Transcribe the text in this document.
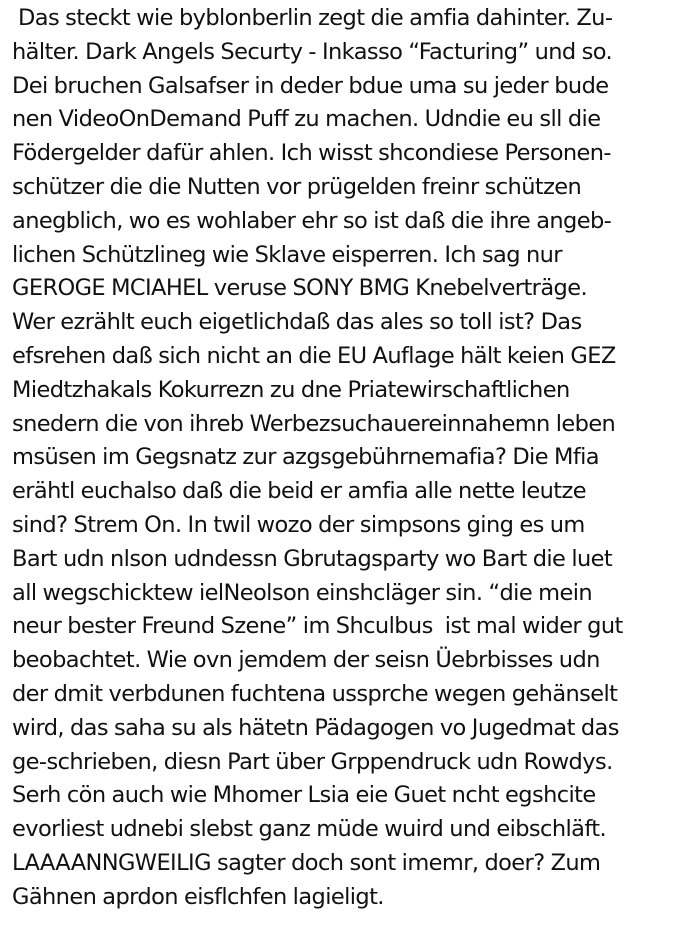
Das steckt wie byblonberlin zegt die amfia dahinter. Zu-
hälter. Dark Angels Securty - Inkasso “Facturing” und so.
Dei bruchen Galsafser in deder bdue uma su jeder bude
nen VideoOnDemand Puff zu machen. Udndie eu sll die
Födergelder dafür ahlen. Ich wisst shcondiese Personen-
schützer die die Nutten vor prügelden freinr schützen
anegblich, wo es wohlaber ehr so ist daß die ihre angeb-
lichen Schützlineg wie Sklave eisperren. Ich sag nur
GEROGE MCIAHEL veruse SONY BMG Knebelverträge.
Wer ezrählt euch eigetlichdaß das ales so toll ist? Das
efsrehen daß sich nicht an die EU Auflage hält keien GEZ
Miedtzhakals Kokurrezn zu dne Priatewirschaftlichen
snedern die von ihreb Werbezsuchauereinnahemn leben
msüsen im Gegsnatz zur azgsgebührnemafia? Die Mfia
erähtl euchalso daß die beid er amfia alle nette leutze
sind? Strem On. In twil wozo der simpsons ging es um
Bart udn nlson udndessn Gbrutagsparty wo Bart die luet
all wegschicktew ielNeolson einshcläger sin. “die mein
neur bester Freund Szene” im Shculbus  ist mal wider gut
beobachtet. Wie ovn jemdem der seisn Üebrbisses udn
der dmit verbdunen fuchtena ussprche wegen gehänselt
wird, das saha su als hätetn Pädagogen vo Jugedmat das
ge-schrieben, diesn Part über Grppendruck udn Rowdys.
Serh cön auch wie Mhomer Lsia eie Guet ncht egshcite
evorliest udnebi slebst ganz müde wuird und eibschläft.
LAAAANNGWEILIG sagter doch sont imemr, doer? Zum
Gähnen aprdon eisflchfen lagieligt.
